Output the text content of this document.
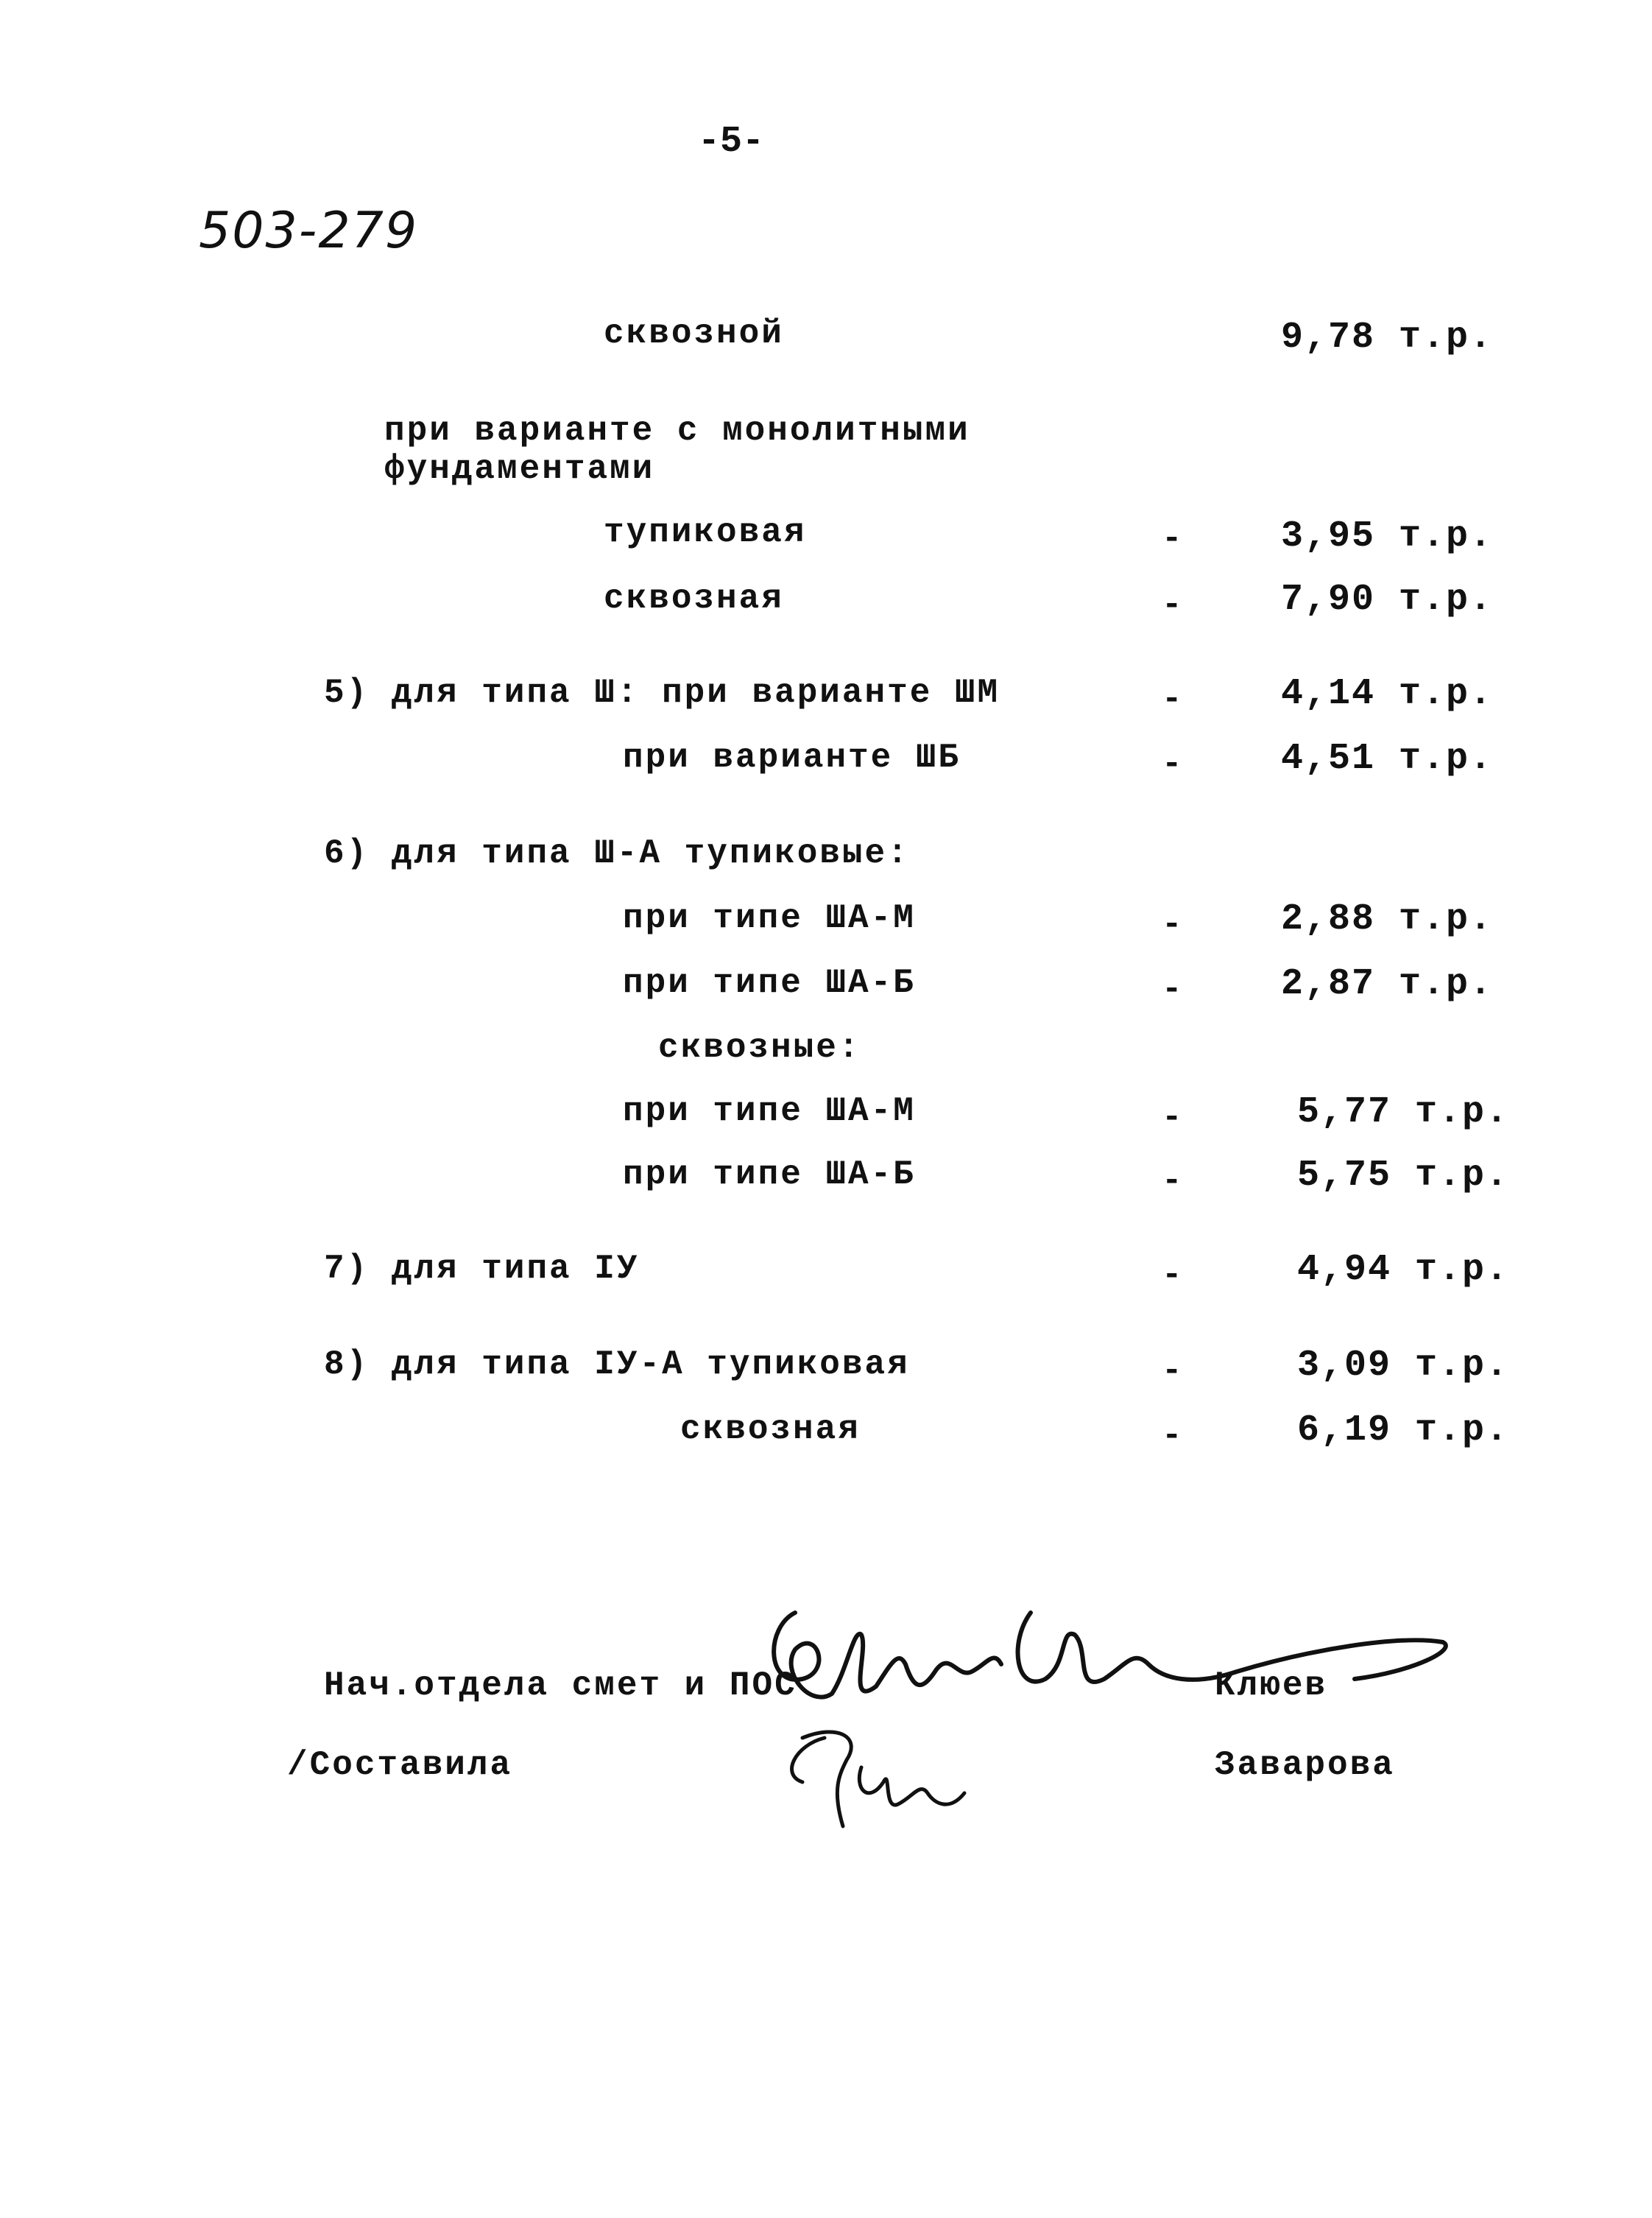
-5-
503-279
сквозной	9,78 т.р.
при варианте с монолитными
фундаментами
тупиковая	-	3,95 т.р.
сквозная	-	7,90 т.р.
5) для типа Ш: при варианте ШМ	-	4,14 т.р.
при варианте ШБ	-	4,51 т.р.
6) для типа Ш-А тупиковые:
при типе ША-М	-	2,88 т.р.
при типе ША-Б	-	2,87 т.р.
сквозные:
при типе ША-М	-	5,77 т.р.
при типе ША-Б	-	5,75 т.р.
7) для типа IУ	-	4,94 т.р.
8) для типа IУ-А тупиковая	-	3,09 т.р.
сквозная	-	6,19 т.р.
Нач.отдела смет и ПОС	Клюев
/Составила	Заварова
